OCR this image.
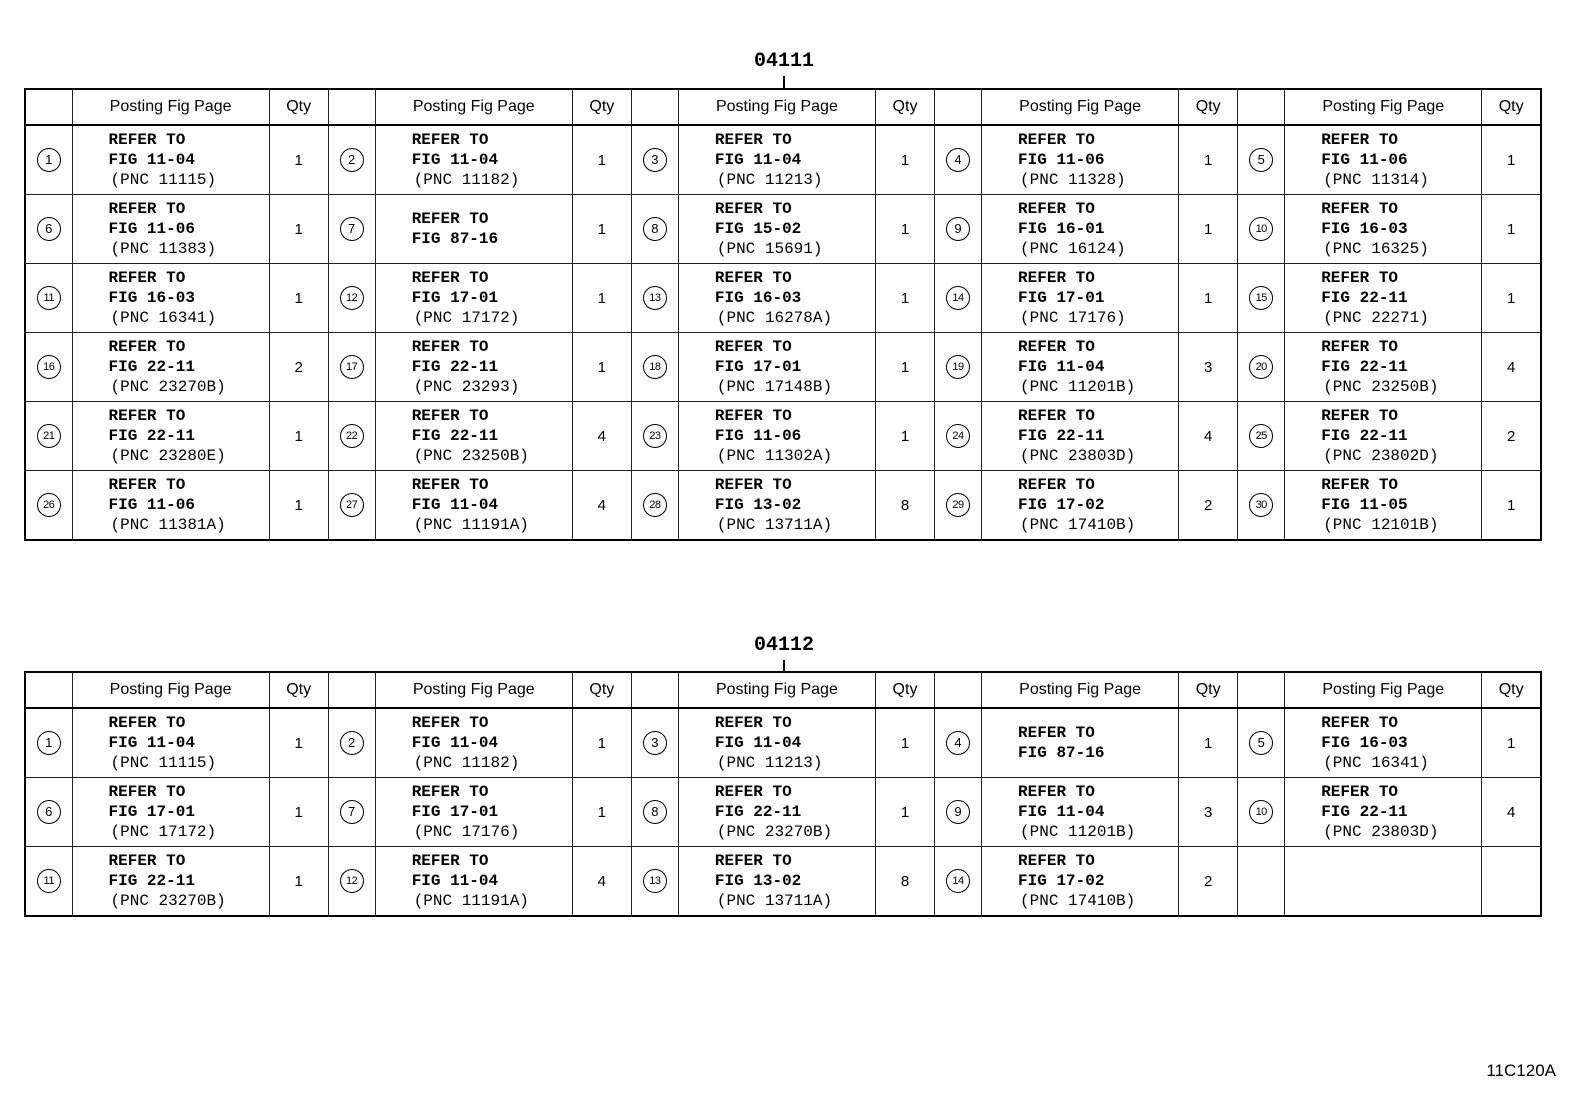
04111
	Posting Fig Page	Qty		Posting Fig Page	Qty		Posting Fig Page	Qty		Posting Fig Page	Qty		Posting Fig Page	Qty
1	REFER TO
FIG 11-04
(PNC 11115)	1	2	REFER TO
FIG 11-04
(PNC 11182)	1	3	REFER TO
FIG 11-04
(PNC 11213)	1	4	REFER TO
FIG 11-06
(PNC 11328)	1	5	REFER TO
FIG 11-06
(PNC 11314)	1
6	REFER TO
FIG 11-06
(PNC 11383)	1	7	REFER TO
FIG 87-16	1	8	REFER TO
FIG 15-02
(PNC 15691)	1	9	REFER TO
FIG 16-01
(PNC 16124)	1	10	REFER TO
FIG 16-03
(PNC 16325)	1
11	REFER TO
FIG 16-03
(PNC 16341)	1	12	REFER TO
FIG 17-01
(PNC 17172)	1	13	REFER TO
FIG 16-03
(PNC 16278A)	1	14	REFER TO
FIG 17-01
(PNC 17176)	1	15	REFER TO
FIG 22-11
(PNC 22271)	1
16	REFER TO
FIG 22-11
(PNC 23270B)	2	17	REFER TO
FIG 22-11
(PNC 23293)	1	18	REFER TO
FIG 17-01
(PNC 17148B)	1	19	REFER TO
FIG 11-04
(PNC 11201B)	3	20	REFER TO
FIG 22-11
(PNC 23250B)	4
21	REFER TO
FIG 22-11
(PNC 23280E)	1	22	REFER TO
FIG 22-11
(PNC 23250B)	4	23	REFER TO
FIG 11-06
(PNC 11302A)	1	24	REFER TO
FIG 22-11
(PNC 23803D)	4	25	REFER TO
FIG 22-11
(PNC 23802D)	2
26	REFER TO
FIG 11-06
(PNC 11381A)	1	27	REFER TO
FIG 11-04
(PNC 11191A)	4	28	REFER TO
FIG 13-02
(PNC 13711A)	8	29	REFER TO
FIG 17-02
(PNC 17410B)	2	30	REFER TO
FIG 11-05
(PNC 12101B)	1
04112
	Posting Fig Page	Qty		Posting Fig Page	Qty		Posting Fig Page	Qty		Posting Fig Page	Qty		Posting Fig Page	Qty
1	REFER TO
FIG 11-04
(PNC 11115)	1	2	REFER TO
FIG 11-04
(PNC 11182)	1	3	REFER TO
FIG 11-04
(PNC 11213)	1	4	REFER TO
FIG 87-16	1	5	REFER TO
FIG 16-03
(PNC 16341)	1
6	REFER TO
FIG 17-01
(PNC 17172)	1	7	REFER TO
FIG 17-01
(PNC 17176)	1	8	REFER TO
FIG 22-11
(PNC 23270B)	1	9	REFER TO
FIG 11-04
(PNC 11201B)	3	10	REFER TO
FIG 22-11
(PNC 23803D)	4
11	REFER TO
FIG 22-11
(PNC 23270B)	1	12	REFER TO
FIG 11-04
(PNC 11191A)	4	13	REFER TO
FIG 13-02
(PNC 13711A)	8	14	REFER TO
FIG 17-02
(PNC 17410B)	2			
11C120A
